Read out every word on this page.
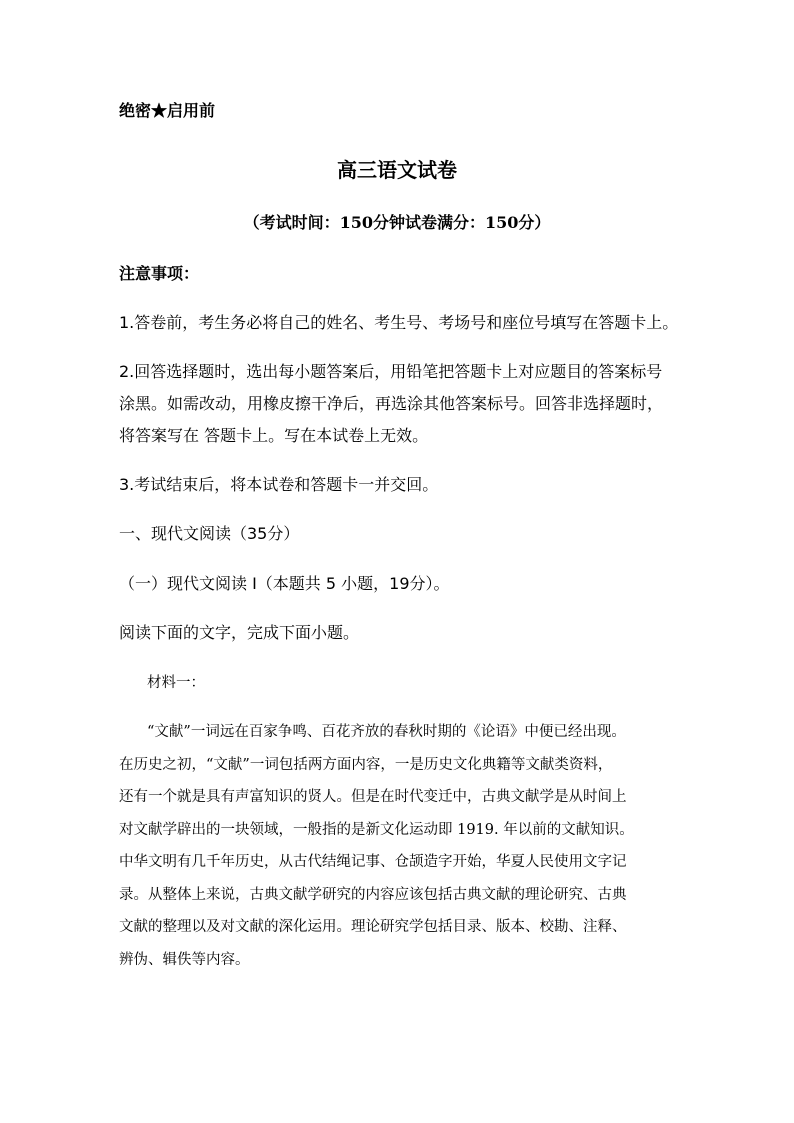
绝密★启用前
高三语文试卷
（考试时间：150分钟试卷满分：150分）
注意事项：
1.答卷前，考生务必将自己的姓名、考生号、考场号和座位号填写在答题卡上。
2.回答选择题时，选出每小题答案后，用铅笔把答题卡上对应题目的答案标号
涂黑。如需改动，用橡皮擦干净后，再选涂其他答案标号。回答非选择题时，
将答案写在 答题卡上。写在本试卷上无效。
3.考试结束后，将本试卷和答题卡一并交回。
一、现代文阅读（35分）
（一）现代文阅读 I（本题共 5 小题，19分）。
阅读下面的文字，完成下面小题。
材料一：
“文献”一词远在百家争鸣、百花齐放的春秋时期的《论语》中便已经出现。
在历史之初，“文献”一词包括两方面内容，一是历史文化典籍等文献类资料，
还有一个就是具有声富知识的贤人。但是在时代变迁中，古典文献学是从时间上
对文献学辟出的一块领域，一般指的是新文化运动即 1919. 年以前的文献知识。
中华文明有几千年历史，从古代结绳记事、仓颉造字开始，华夏人民使用文字记
录。从整体上来说，古典文献学研究的内容应该包括古典文献的理论研究、古典
文献的整理以及对文献的深化运用。理论研究学包括目录、版本、校勘、注释、
辨伪、辑佚等内容。
